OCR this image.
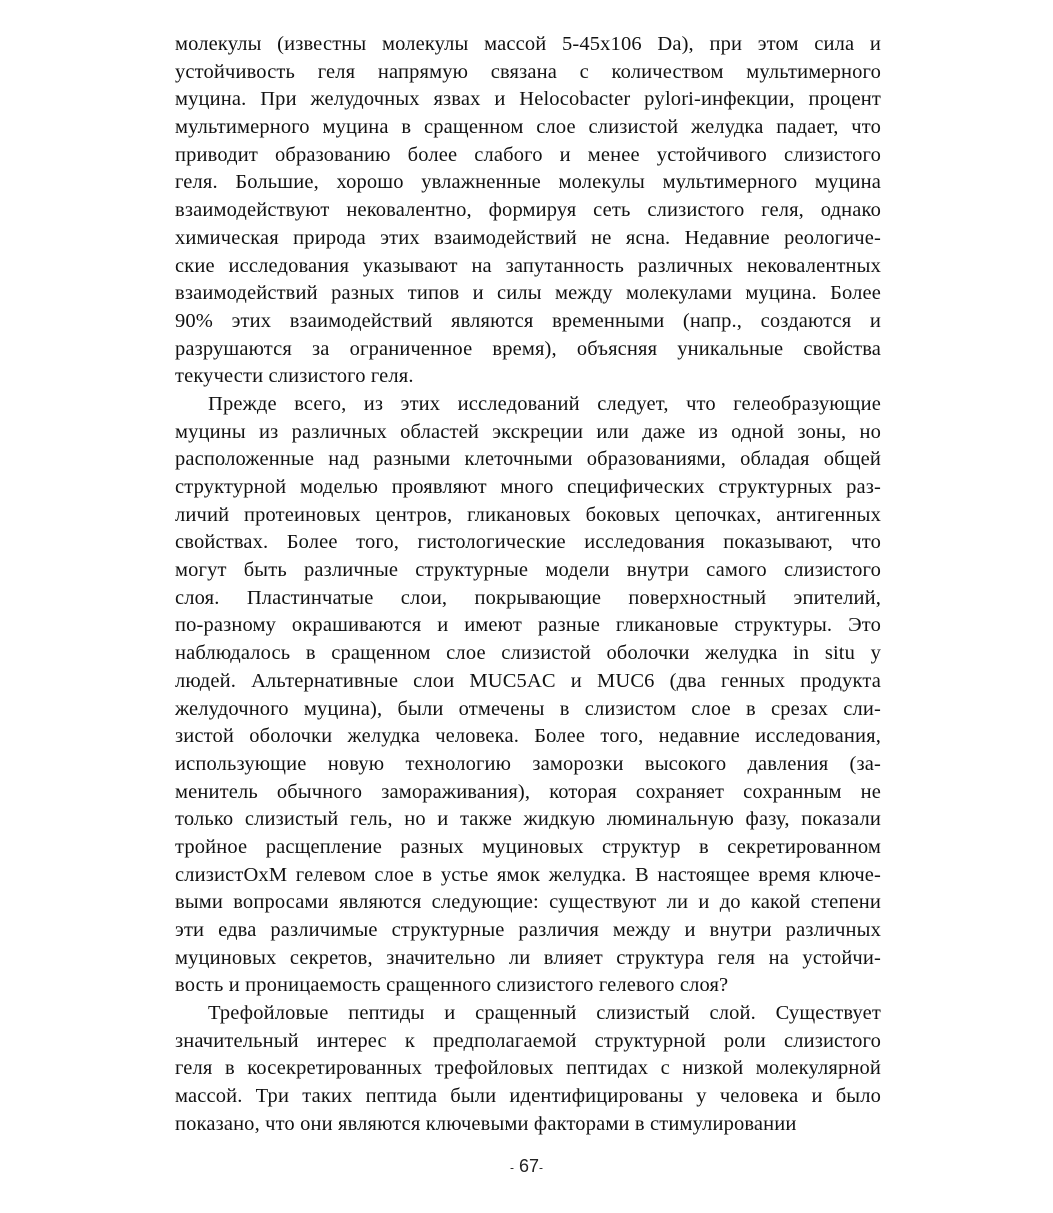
молекулы (известны молекулы массой 5-45х106 Da), при этом сила и
устойчивость геля напрямую связана с количеством мультимерного
муцина. При желудочных язвах и Helocobacter pylori-инфекции, процент
мультимерного муцина в сращенном слое слизистой желудка падает, что
приводит образованию более слабого и менее устойчивого слизистого
геля. Большие, хорошо увлажненные молекулы мультимерного муцина
взаимодействуют нековалентно, формируя сеть слизистого геля, однако
химическая природа этих взаимодействий не ясна. Недавние реологиче-
ские исследования указывают на запутанность различных нековалентных
взаимодействий разных типов и силы между молекулами муцина. Более
90% этих взаимодействий являются временными (напр., создаются и
разрушаются за ограниченное время), объясняя уникальные свойства
текучести слизистого геля.
Прежде всего, из этих исследований следует, что гелеобразующие
муцины из различных областей экскреции или даже из одной зоны, но
расположенные над разными клеточными образованиями, обладая общей
структурной моделью проявляют много специфических структурных раз-
личий протеиновых центров, гликановых боковых цепочках, антигенных
свойствах. Более того, гистологические исследования показывают, что
могут быть различные структурные модели внутри самого слизистого
слоя. Пластинчатые слои, покрывающие поверхностный эпителий,
по-разному окрашиваются и имеют разные гликановые структуры. Это
наблюдалось в сращенном слое слизистой оболочки желудка in situ у
людей. Альтернативные слои MUC5AC и MUC6 (два генных продукта
желудочного муцина), были отмечены в слизистом слое в срезах сли-
зистой оболочки желудка человека. Более того, недавние исследования,
использующие новую технологию заморозки высокого давления (за-
менитель обычного замораживания), которая сохраняет сохранным не
только слизистый гель, но и также жидкую люминальную фазу, показали
тройное расщепление разных муциновых структур в секретированном
слизистОхМ гелевом слое в устье ямок желудка. В настоящее время ключе-
выми вопросами являются следующие: существуют ли и до какой степени
эти едва различимые структурные различия между и внутри различных
муциновых секретов, значительно ли влияет структура геля на устойчи-
вость и проницаемость сращенного слизистого гелевого слоя?
Трефойловые пептиды и сращенный слизистый слой. Существует
значительный интерес к предполагаемой структурной роли слизистого
геля в косекретированных трефойловых пептидах с низкой молекулярной
массой. Три таких пептида были идентифицированы у человека и было
показано, что они являются ключевыми факторами в стимулировании
- 67-
